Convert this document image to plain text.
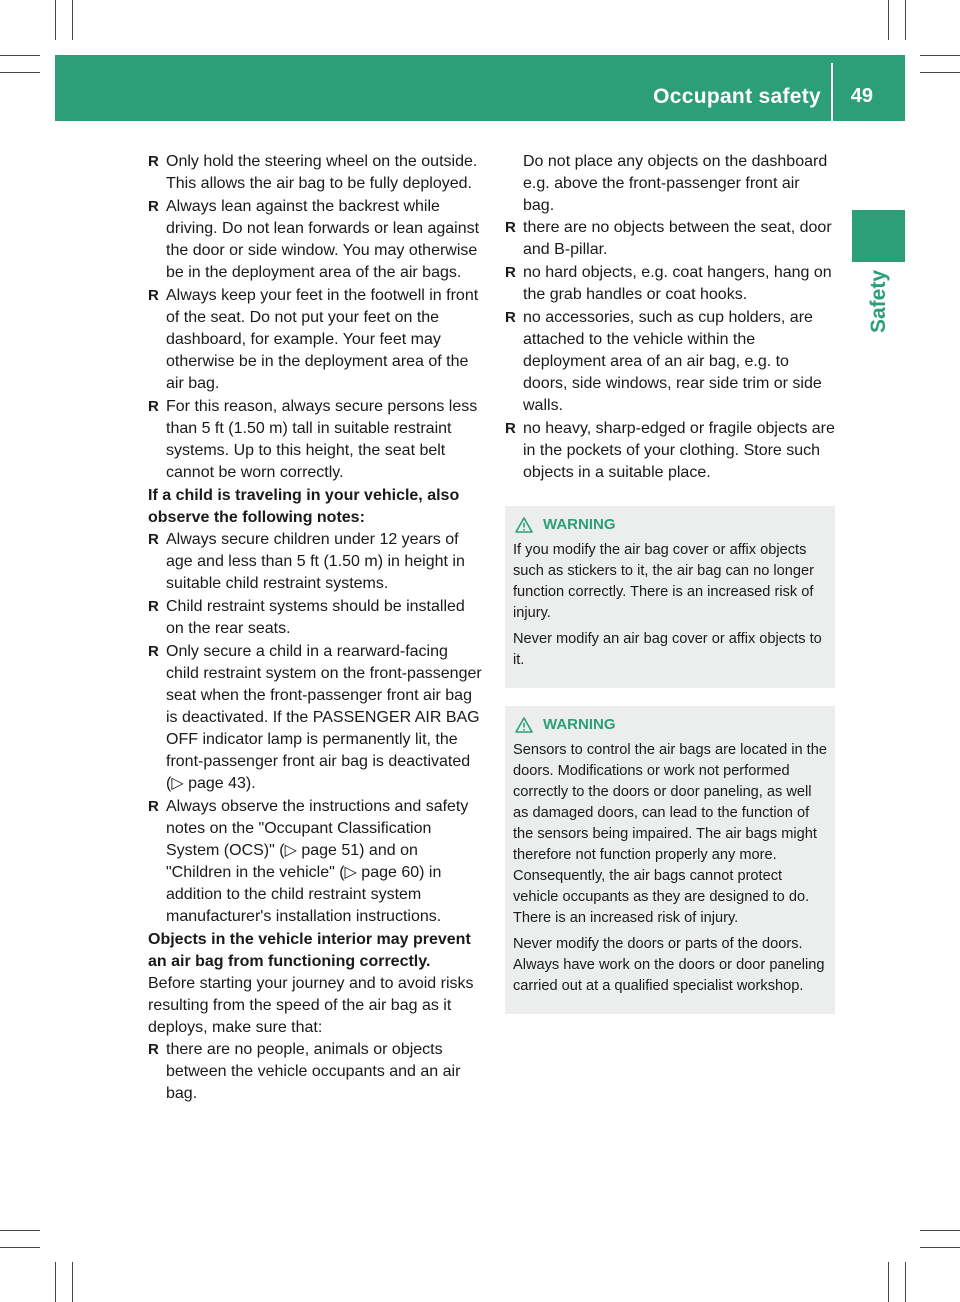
Occupant safety 49
Safety
R Only hold the steering wheel on the outside. This allows the air bag to be fully deployed.
R Always lean against the backrest while driving. Do not lean forwards or lean against the door or side window. You may otherwise be in the deployment area of the air bags.
R Always keep your feet in the footwell in front of the seat. Do not put your feet on the dashboard, for example. Your feet may otherwise be in the deployment area of the air bag.
R For this reason, always secure persons less than 5 ft (1.50 m) tall in suitable restraint systems. Up to this height, the seat belt cannot be worn correctly.
If a child is traveling in your vehicle, also observe the following notes:
R Always secure children under 12 years of age and less than 5 ft (1.50 m) in height in suitable child restraint systems.
R Child restraint systems should be installed on the rear seats.
R Only secure a child in a rearward-facing child restraint system on the front-passenger seat when the front-passenger front air bag is deactivated. If the PASSENGER AIR BAG OFF indicator lamp is permanently lit, the front-passenger front air bag is deactivated (▷ page 43).
R Always observe the instructions and safety notes on the "Occupant Classification System (OCS)" (▷ page 51) and on "Children in the vehicle" (▷ page 60) in addition to the child restraint system manufacturer's installation instructions.
Objects in the vehicle interior may prevent an air bag from functioning correctly.
Before starting your journey and to avoid risks resulting from the speed of the air bag as it deploys, make sure that:
R there are no people, animals or objects between the vehicle occupants and an air bag.
Do not place any objects on the dashboard e.g. above the front-passenger front air bag.
R there are no objects between the seat, door and B-pillar.
R no hard objects, e.g. coat hangers, hang on the grab handles or coat hooks.
R no accessories, such as cup holders, are attached to the vehicle within the deployment area of an air bag, e.g. to doors, side windows, rear side trim or side walls.
R no heavy, sharp-edged or fragile objects are in the pockets of your clothing. Store such objects in a suitable place.
WARNING

If you modify the air bag cover or affix objects such as stickers to it, the air bag can no longer function correctly. There is an increased risk of injury.

Never modify an air bag cover or affix objects to it.

WARNING

Sensors to control the air bags are located in the doors. Modifications or work not performed correctly to the doors or door paneling, as well as damaged doors, can lead to the function of the sensors being impaired. The air bags might therefore not function properly any more. Consequently, the air bags cannot protect vehicle occupants as they are designed to do. There is an increased risk of injury.

Never modify the doors or parts of the doors. Always have work on the doors or door paneling carried out at a qualified specialist workshop.
